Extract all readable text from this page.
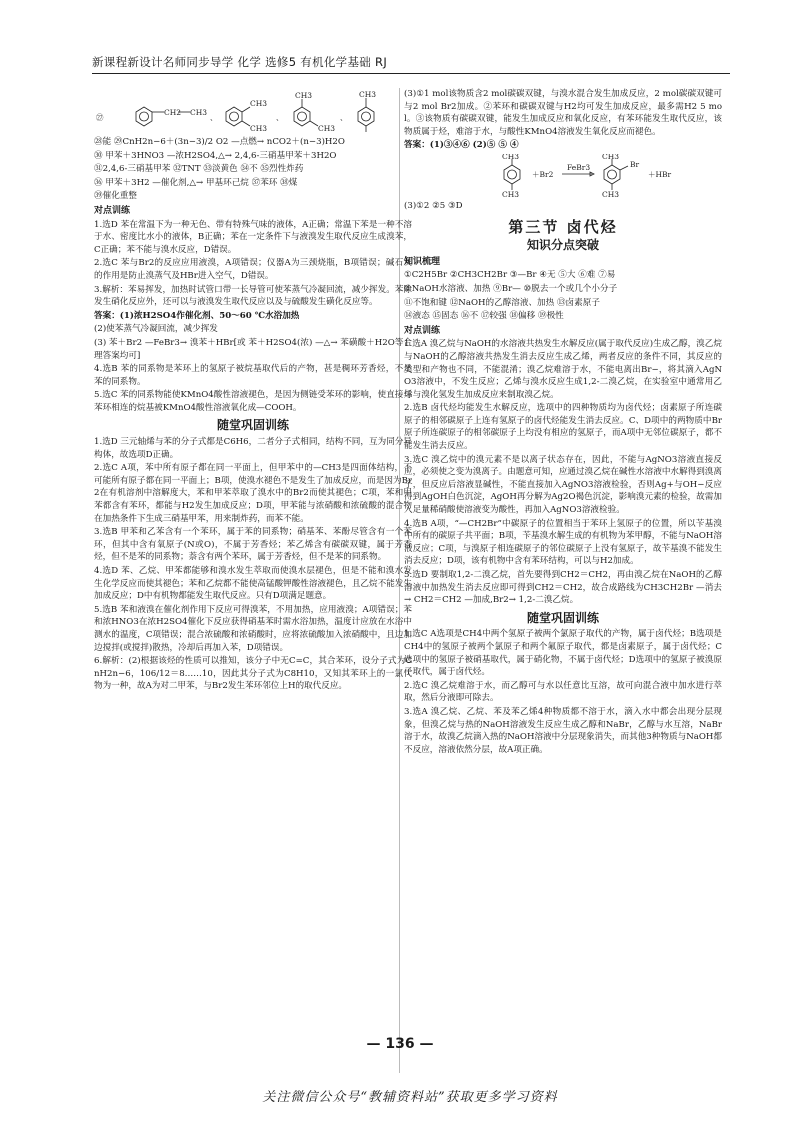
新课程新设计名师同步导学 化学 选修5 有机化学基础 RJ
㉗
CH2 CH3
、
CH3
CH3
、
CH3
CH3
、
CH3

㉘能 ㉙CnH2n−6＋(3n−3)/2 O2 —点燃→ nCO2＋(n−3)H2O

㉚ 甲苯＋3HNO3 —浓H2SO4,△→ 2,4,6-三硝基甲苯＋3H2O

㉛2,4,6-三硝基甲苯 ㉜TNT ㉝淡黄色 ㉞不 ㉟烈性炸药

㊱ 甲苯＋3H2 —催化剂,△→ 甲基环己烷 ㊲苯环 ㊳煤

㊴催化重整

对点训练

1.选D 苯在常温下为一种无色、带有特殊气味的液体，A正确；常温下苯是一种不溶于水、密度比水小的液体，B正确；苯在一定条件下与液溴发生取代反应生成溴苯，C正确；苯不能与溴水反应，D错误。

2.选C 苯与Br2的反应应用液溴，A项错误；仪器A为三颈烧瓶，B项错误；碱石灰的作用是防止溴蒸气及HBr进入空气，D错误。

3.解析：苯易挥发，加热时试管口带一长导管可使苯蒸气冷凝回流，减少挥发。苯除发生硝化反应外，还可以与液溴发生取代反应以及与硫酸发生磺化反应等。

答案：(1)浓H2SO4作催化剂、50～60 ℃水浴加热

(2)使苯蒸气冷凝回流，减少挥发

(3) 苯＋Br2 —FeBr3→ 溴苯＋HBr[或 苯＋H2SO4(浓) —△→ 苯磺酸＋H2O等合理答案均可]

4.选B 苯的同系物是苯环上的氢原子被烷基取代后的产物，甚是稠环芳香烃，不是苯的同系物。

5.选C 苯的同系物能使KMnO4酸性溶液褪色，是因为侧链受苯环的影响，使直接与苯环相连的烷基被KMnO4酸性溶液氧化成—COOH。

随堂巩固训练

1.选D 三元轴烯与苯的分子式都是C6H6，二者分子式相同，结构不同，互为同分异构体，故选项D正确。

2.选C A项，苯中所有原子都在同一平面上，但甲苯中的—CH3是四面体结构，不可能所有原子都在同一平面上；B项，使溴水褪色不是发生了加成反应，而是因为Br2在有机溶剂中溶解度大，苯和甲苯萃取了溴水中的Br2而使其褪色；C项，苯和甲苯都含有苯环，都能与H2发生加成反应；D项，甲苯能与浓硝酸和浓硫酸的混合物在加热条件下生成三硝基甲苯，用来制炸药，而苯不能。

3.选B 甲苯和乙苯含有一个苯环，属于苯的同系物；硝基苯、苯酚尽管含有一个苯环，但其中含有氧原子(N或O)，不属于芳香烃；苯乙烯含有碳碳双键，属于芳香烃，但不是苯的同系物；萘含有两个苯环，属于芳香烃，但不是苯的同系物。

4.选D 苯、乙烷、甲苯都能够和溴水发生萃取而使溴水层褪色，但是不能和溴水发生化学反应而使其褪色；苯和乙烷都不能使高锰酸钾酸性溶液褪色，且乙烷不能发生加成反应；D中有机物都能发生取代反应。只有D项满足题意。

5.选B 苯和液溴在催化剂作用下反应可得溴苯，不用加热，应用液溴；A项错误；苯和浓HNO3在浓H2SO4催化下反应获得硝基苯时需水浴加热，温度计应放在水浴中测水的温度，C项错误；混合浓硫酸和浓硝酸时，应将浓硫酸加入浓硝酸中，且边加边搅拌(或搅拌)散热，冷却后再加入苯，D项错误。

6.解析：(2)根据该烃的性质可以推知，该分子中无C=C，其合苯环，设分子式为CnH2n−6，106/12＝8……10，因此其分子式为C8H10，又知其苯环上的一氯代物为一种，故A为对二甲苯，与Br2发生苯环邻位上H的取代反应。

(3)①1 mol该物质含2 mol碳碳双键，与溴水混合发生加成反应，2 mol碳碳双键可与2 mol Br2加成。②苯环和碳碳双键与H2均可发生加成反应，最多需H2 5 mol。③该物质有碳碳双键，能发生加成反应和氧化反应，有苯环能发生取代反应，该物质属于烃，难溶于水，与酸性KMnO4溶液发生氧化反应而褪色。

答案：(1)③④⑥ (2)⑤ ⑤ ④

CH3
CH3
＋Br2
FeBr3
CH3
Br
CH3
＋HBr

(3)①2 ②5 ③D

第三节 卤代烃
知识分点突破
知识梳理

①C2H5Br ②CH3CH2Br ③—Br ④无 ⑤大 ⑥难 ⑦易

⑧NaOH水溶液、加热 ⑨Br— ⑩脱去一个或几个小分子

⑪不饱和键 ⑫NaOH的乙醇溶液、加热 ⑬卤素原子

⑭液态 ⑮固态 ⑯不 ⑰较强 ⑱偏移 ⑲极性

对点训练

1.选A 溴乙烷与NaOH的水溶液共热发生水解反应(属于取代反应)生成乙醇，溴乙烷与NaOH的乙醇溶液共热发生消去反应生成乙烯，两者反应的条件不同，其反应的类型和产物也不同，不能混淆；溴乙烷难溶于水，不能电离出Br−，将其滴入AgNO3溶液中，不发生反应；乙烯与溴水反应生成1,2-二溴乙烷，在实验室中通常用乙烯与溴化氢发生加成反应来制取溴乙烷。

2.选B 卤代烃均能发生水解反应，选项中的四种物质均为卤代烃；卤素原子所连碳原子的相邻碳原子上连有氢原子的卤代烃能发生消去反应。C、D项中的两物质中Br原子所连碳原子的相邻碳原子上均没有相应的氢原子，而A项中无邻位碳原子，都不能发生消去反应。

3.选C 溴乙烷中的溴元素不是以离子状态存在，因此，不能与AgNO3溶液直接反应，必须使之变为溴离子。由题意可知，应通过溴乙烷在碱性水溶液中水解得到溴离子，但反应后溶液显碱性，不能直接加入AgNO3溶液检验，否则Ag+与OH−反应得到AgOH白色沉淀，AgOH再分解为Ag2O褐色沉淀，影响溴元素的检验，故需加入足量稀硝酸使溶液变为酸性，再加入AgNO3溶液检验。

4.选B A项，“—CH2Br”中碳原子的位置相当于苯环上氢原子的位置，所以苄基溴中所有的碳原子共平面；B项，苄基溴水解生成的有机物为苯甲醇，不能与NaOH溶液反应；C项，与溴原子相连碳原子的邻位碳原子上没有氢原子，故苄基溴不能发生消去反应；D项，该有机物中含有苯环结构，可以与H2加成。

5.选D 要制取1,2-二溴乙烷，首先要得到CH2＝CH2，再由溴乙烷在NaOH的乙醇溶液中加热发生消去反应即可得到CH2＝CH2，故合成路线为CH3CH2Br —消去→ CH2＝CH2 —加成,Br2→ 1,2-二溴乙烷。

随堂巩固训练

1.选C A选项是CH4中两个氢原子被两个氯原子取代的产物，属于卤代烃；B选项是CH4中的氢原子被两个氯原子和两个氟原子取代，都是卤素原子，属于卤代烃；C选项中的氢原子被硝基取代，属于硝化物，不属于卤代烃；D选项中的氢原子被溴原子取代，属于卤代烃。

2.选C 溴乙烷难溶于水，而乙醇可与水以任意比互溶，故可向混合液中加水进行萃取，然后分液即可除去。

3.选A 溴乙烷、乙烷、苯及苯乙烯4种物质都不溶于水，滴入水中都会出现分层现象，但溴乙烷与热的NaOH溶液发生反应生成乙醇和NaBr，乙醇与水互溶，NaBr溶于水，故溴乙烷滴入热的NaOH溶液中分层现象消失，而其他3种物质与NaOH都不反应，溶液依然分层，故A项正确。

— 136 —
关注微信公众号“教辅资料站”获取更多学习资料
